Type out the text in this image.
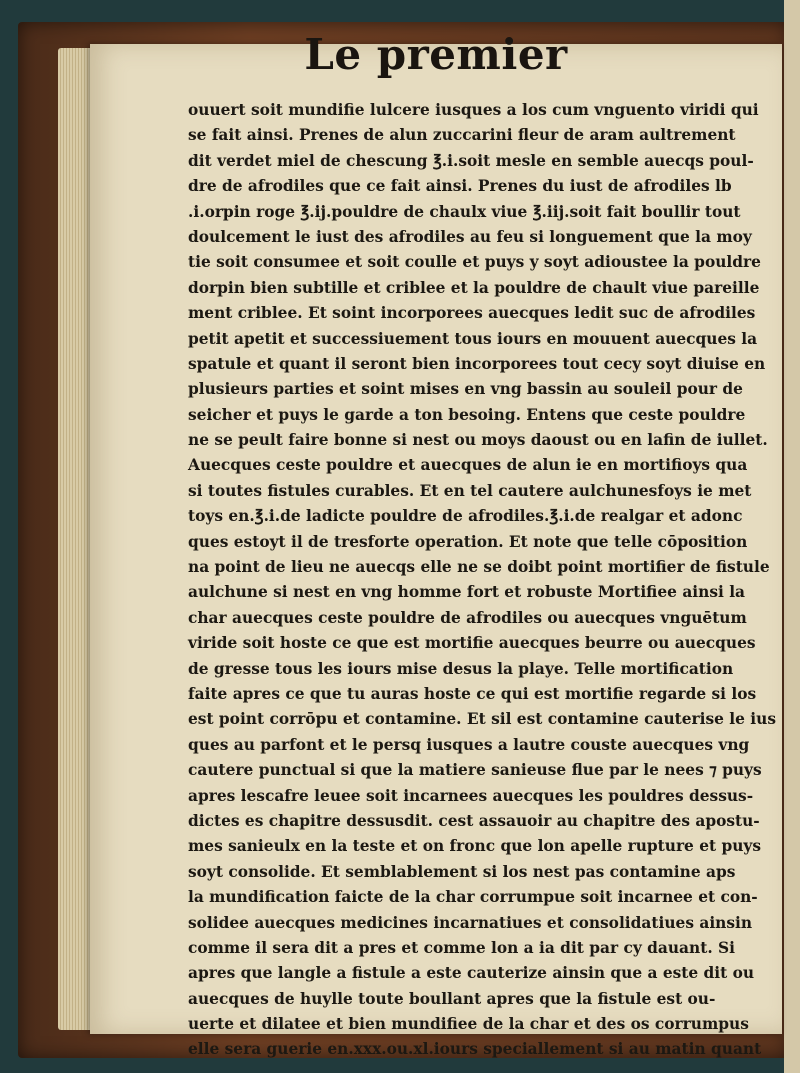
Le premier
ouuert soit mundifie lulcere iusques a los cum vnguento viridi qui
se fait ainsi. Prenes de alun zuccarini fleur de aram aultrement
dit verdet miel de chescung ℥.i.soit mesle en semble auecqs poul-
dre de afrodiles que ce fait ainsi. Prenes du iust de afrodiles lb
.i.orpin roge ℥.ij.pouldre de chaulx viue ℥.iij.soit fait boullir tout
doulcement le iust des afrodiles au feu si longuement que la moy
tie soit consumee et soit coulle et puys y soyt adioustee la pouldre
dorpin bien subtille et criblee et la pouldre de chault viue pareille
ment criblee. Et soint incorporees auecques ledit suc de afrodiles
petit apetit et successiuement tous iours en mouuent auecques la
spatule et quant il seront bien incorporees tout cecy soyt diuise en
plusieurs parties et soint mises en vng bassin au souleil pour de
seicher et puys le garde a ton besoing. Entens que ceste pouldre
ne se peult faire bonne si nest ou moys daoust ou en lafin de iullet.
Auecques ceste pouldre et auecques de alun ie en mortifioys qua
si toutes fistules curables. Et en tel cautere aulchunesfoys ie met
toys en.℥.i.de ladicte pouldre de afrodiles.℥.i.de realgar et adonc
ques estoyt il de tresforte operation. Et note que telle cōposition
na point de lieu ne auecqs elle ne se doibt point mortifier de fistule
aulchune si nest en vng homme fort et robuste Mortifiee ainsi la
char auecques ceste pouldre de afrodiles ou auecques vnguētum
viride soit hoste ce que est mortifie auecques beurre ou auecques
de gresse tous les iours mise desus la playe. Telle mortification
faite apres ce que tu auras hoste ce qui est mortifie regarde si los
est point corrōpu et contamine. Et sil est contamine cauterise le ius
ques au parfont et le persq iusques a lautre couste auecques vng
cautere punctual si que la matiere sanieuse flue par le nees ⁊ puys
apres lescafre leuee soit incarnees auecques les pouldres dessus-
dictes es chapitre dessusdit. cest assauoir au chapitre des apostu-
mes sanieulx en la teste et on fronc que lon apelle rupture et puys
soyt consolide. Et semblablement si los nest pas contamine aps
la mundification faicte de la char corrumpue soit incarnee et con-
solidee auecques medicines incarnatiues et consolidatiues ainsin
comme il sera dit a pres et comme lon a ia dit par cy dauant. Si
apres que langle a fistule a este cauterize ainsin que a este dit ou
auecques de huylle toute boullant apres que la fistule est ou-
uerte et dilatee et bien mundifiee de la char et des os corrumpus
elle sera guerie en.xxx.ou.xl.iours speciallement si au matin quant
